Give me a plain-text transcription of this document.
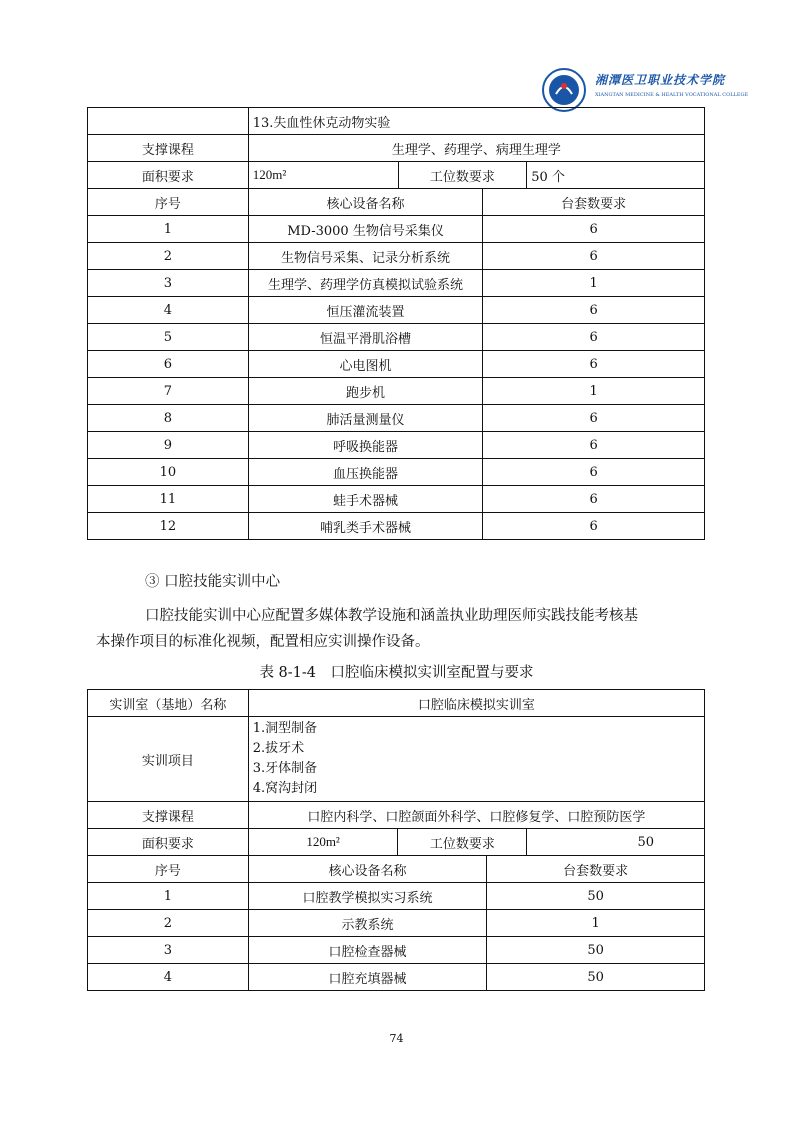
湘潭医卫职业技术学院
XIANGTAN MEDICINE & HEALTH VOCATIONAL COLLEGE
	13.失血性休克动物实验			
支撑课程	生理学、药理学、病理生理学			
面积要求	120m²	工位数要求		50 个
序号	核心设备名称		台套数要求	
1	MD-3000 生物信号采集仪		6	
2	生物信号采集、记录分析系统		6	
3	生理学、药理学仿真模拟试验系统		1	
4	恒压灌流装置		6	
5	恒温平滑肌浴槽		6	
6	心电图机		6	
7	跑步机		1	
8	肺活量测量仪		6	
9	呼吸换能器		6	
10	血压换能器		6	
11	蛙手术器械		6	
12	哺乳类手术器械		6	
③ 口腔技能实训中心
口腔技能实训中心应配置多媒体教学设施和涵盖执业助理医师实践技能考核基
本操作项目的标准化视频，配置相应实训操作设备。
表 8-1-4　口腔临床模拟实训室配置与要求
实训室（基地）名称	口腔临床模拟实训室			
实训项目	1.洞型制备
2.拔牙术
3.牙体制备
4.窝沟封闭			

支撑课程	口腔内科学、口腔颌面外科学、口腔修复学、口腔预防医学			
面积要求	120m²	工位数要求		50
序号	核心设备名称		台套数要求	
1	口腔教学模拟实习系统		50	
2	示教系统		1	
3	口腔检查器械		50	
4	口腔充填器械		50	
74
